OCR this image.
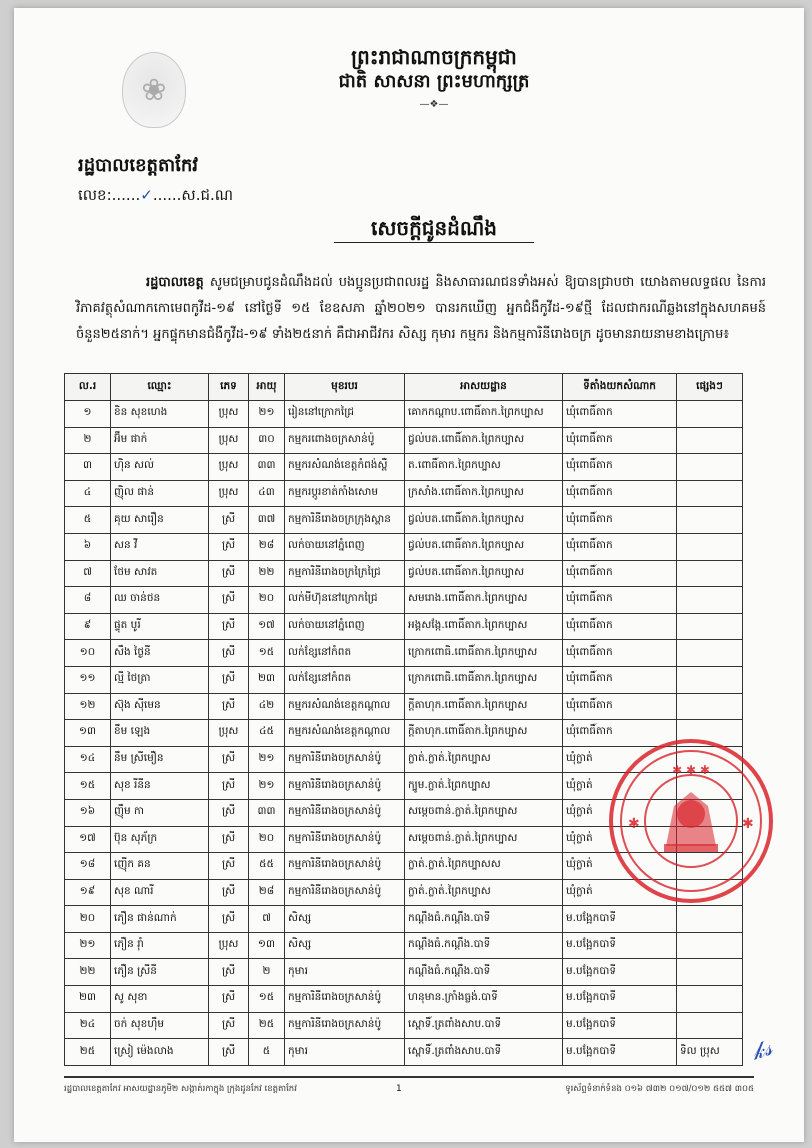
❀
ព្រះរាជាណាចក្រកម្ពុជា
ជាតិ សាសនា ព្រះមហាក្សត្រ
—❖—
រដ្ឋបាលខេត្តតាកែវ
លេខ:......✓......ស.ជ.ណ
សេចក្តីជូនដំណឹង
រដ្ឋបាលខេត្ត សូមជម្រាបជូនដំណឹងដល់ បងប្អូនប្រជាពលរដ្ឋ និងសាធារណជនទាំងអស់ ឱ្យបានជ្រាបថា យោងតាមលទ្ធផល នៃការវិភាគវត្ថុសំណាកកោមេពកូវីដ-១៩ នៅថ្ងៃទី ១៥ ខែឧសភា ឆ្នាំ២០២១ បានរកឃើញ អ្នកជំងឺកូវីដ-១៩ថ្មី ដែលជាករណីឆ្លងនៅក្នុងសហគមន៍ចំនួន២៥នាក់។ អ្នកផ្ទុកមានជំងឺកូវីដ-១៩ ទាំង២៥នាក់ គឺជាអាជីវករ សិស្ស កុមារ កម្មករ និងកម្មការិនីរោងចក្រ ដូចមានរាយនាមខាងក្រោម៖
ល.រ	ឈ្មោះ	ភេទ	អាយុ	មុខរបរ	អាសយដ្ឋាន	ទីតាំងយកសំណាក	ផ្សេងៗ
១	ខិន សុខហេង	ប្រុស	២១	រៀននៅក្រោកជ្រៃ	គោកកណ្ដាប.ពោធិ៍តាក.ព្រៃកប្បាស	ឃុំពោធិ៍តាក	
២	អ៊ឹម ផាក់	ប្រុស	៣០	កម្មករពោងចក្រសាន់ប៉ូ	ជ្វល់បត.ពោធិ៍តាក.ព្រៃកប្បាស	ឃុំពោធិ៍តាក	
៣	ហ៊ិន សល់	ប្រុស	៣៣	កម្មករសំណង់ខេត្តកំពង់ស្ពឺ	ត.ពោធិ៍តាក.ព្រៃកប្បាស	ឃុំពោធិ៍តាក	
៤	ញ៉ិល ផាន់	ប្រុស	៤៣	កម្មករប្តូរខាត់កាំងសោម	ក្រសាំង.ពោធិ៍តាក.ព្រៃកប្បាស	ឃុំពោធិ៍តាក	
៥	គុយ សារឿន	ស្រី	៣៧	កម្មការិនីរោងចក្រក្រុងស្ពាន	ជ្វល់បត.ពោធិ៍តាក.ព្រៃកប្បាស	ឃុំពោធិ៍តាក	
៦	សន វី	ស្រី	២៨	លក់ចាយនៅភ្នំពេញ	ជ្វល់បត.ពោធិ៍តាក.ព្រៃកប្បាស	ឃុំពោធិ៍តាក	
៧	ថែម សាវត	ស្រី	២២	កម្មការិនីរោងចក្រក្រៃជ្រៃ	ជ្វល់បត.ពោធិ៍តាក.ព្រៃកប្បាស	ឃុំពោធិ៍តាក	
៨	ឈ ចាន់ថន	ស្រី	២០	លក់មីហ៊ុននៅក្រោកជ្រៃ	សមរោង.ពោធិ៍តាក.ព្រៃកប្បាស	ឃុំពោធិ៍តាក	
៩	ផ្ទុត បូរី	ស្រី	១៧	លក់ចាយនៅភ្នំពេញ	អង្គសង្កែ.ពោធិ៍តាក.ព្រៃកប្បាស	ឃុំពោធិ៍តាក	
១០	សឹង ថ្ងៃនី	ស្រី	១៥	លក់ខ្សែនៅកំពត	ក្រោកពោធិ.ពោធិ៍តាក.ព្រៃកប្បាស	ឃុំពោធិ៍តាក	
១១	ល្មី ថៃត្រា	ស្រី	២៣	លក់ខ្សែនៅកំពត	ក្រោកពោធិ.ពោធិ៍តាក.ព្រៃកប្បាស	ឃុំពោធិ៍តាក	
១២	ស៊ុង ស៊ីមេន	ស្រី	៤២	កម្មករសំណង់ខេត្តកណ្តាល	ក្ដីតាហុក.ពោធិ៍តាក.ព្រៃកប្បាស	ឃុំពោធិ៍តាក	
១៣	ខឹម ឡេង	ប្រុស	៤៥	កម្មករសំណង់ខេត្តកណ្តាល	ក្ដីតាហុក.ពោធិ៍តាក.ព្រៃកប្បាស	ឃុំពោធិ៍តាក	
១៤	នឹម ស្រីមឿន	ស្រី	២១	កម្មការិនីរោងចក្រសាន់ប៉ូ	ក្លាត់.ក្លាត់.ព្រៃកប្បាស	ឃុំក្លាត់	
១៥	សុខ រីនីន	ស្រី	២១	កម្មការិនីរោងចក្រសាន់ប៉ូ	ក្បូម.ក្លាត់.ព្រៃកប្បាស	ឃុំក្លាត់	
១៦	ញ៉ឹម កា	ស្រី	៣៣	កម្មការិនីរោងចក្រសាន់ប៉ូ	សម្ដេចពាន់.ក្លាត់.ព្រៃកប្បាស	ឃុំក្លាត់	
១៧	ប៊ុន សុភ័ក្រ	ស្រី	២០	កម្មការិនីរោងចក្រសាន់ប៉ូ	សម្ដេចពាន់.ក្លាត់.ព្រៃកប្បាស	ឃុំក្លាត់	
១៨	ញ៉ើក គន	ស្រី	៥៥	កម្មការិនីរោងចក្រសាន់ប៉ូ	ក្លាត់.ក្លាត់.ព្រៃកប្បាសស	ឃុំក្លាត់	
១៩	សុខ ណារី	ស្រី	២៨	កម្មការិនីរោងចក្រសាន់ប៉ូ	ក្លាត់.ក្លាត់.ព្រៃកប្បាស	ឃុំក្លាត់	
២០	ភឿន ផាន់ណាក់	ស្រី	៧	សិស្ស	កណ្ដឹងធំ.កណ្ដឹង.បាទី	ម.បង្អែកបាទី	
២១	ភឿន រ៉ាំ	ប្រុស	១៣	សិស្ស	កណ្ដឹងធំ.កណ្ដឹង.បាទី	ម.បង្អែកបាទី	
២២	ភឿន ស្រីនី	ស្រី	២	កុមារ	កណ្ដឹងធំ.កណ្ដឹង.បាទី	ម.បង្អែកបាទី	
២៣	សូ សុខា	ស្រី	១៥	កម្មការិនីរោងចក្រសាន់ប៉ូ	ហនុមាន.ក្រាំងធ្លង់.បាទី	ម.បង្អែកបាទី	
២៤	ចក់ សុខហ៊ឹម	ស្រី	២៥	កម្មការិនីរោងចក្រសាន់ប៉ូ	ស្ពោទិ៍.ត្រពាំងសាប.បាទី	ម.បង្អែកបាទី	
២៥	ស្រៀ ម៉េងលាង	ស្រី	៥	កុមារ	ស្ពោទិ៍.ត្រពាំងសាប.បាទី	ម.បង្អែកបាទី	ទិល ប្រុស
✱ ✱ ✱
✱	✱
𝓀𝓈
រដ្ឋបាលខេត្តតាកែវ អាសយដ្ឋានភូមិ២ សង្កាត់រកាក្នុង ក្រុងដូនកែវ ខេត្តតាកែវ	1	ទូរស័ព្ទទំនាក់ទំនង ០១៦ ៧៣២ ០១៧/០១២ ៥៥៧ ៣០៥
